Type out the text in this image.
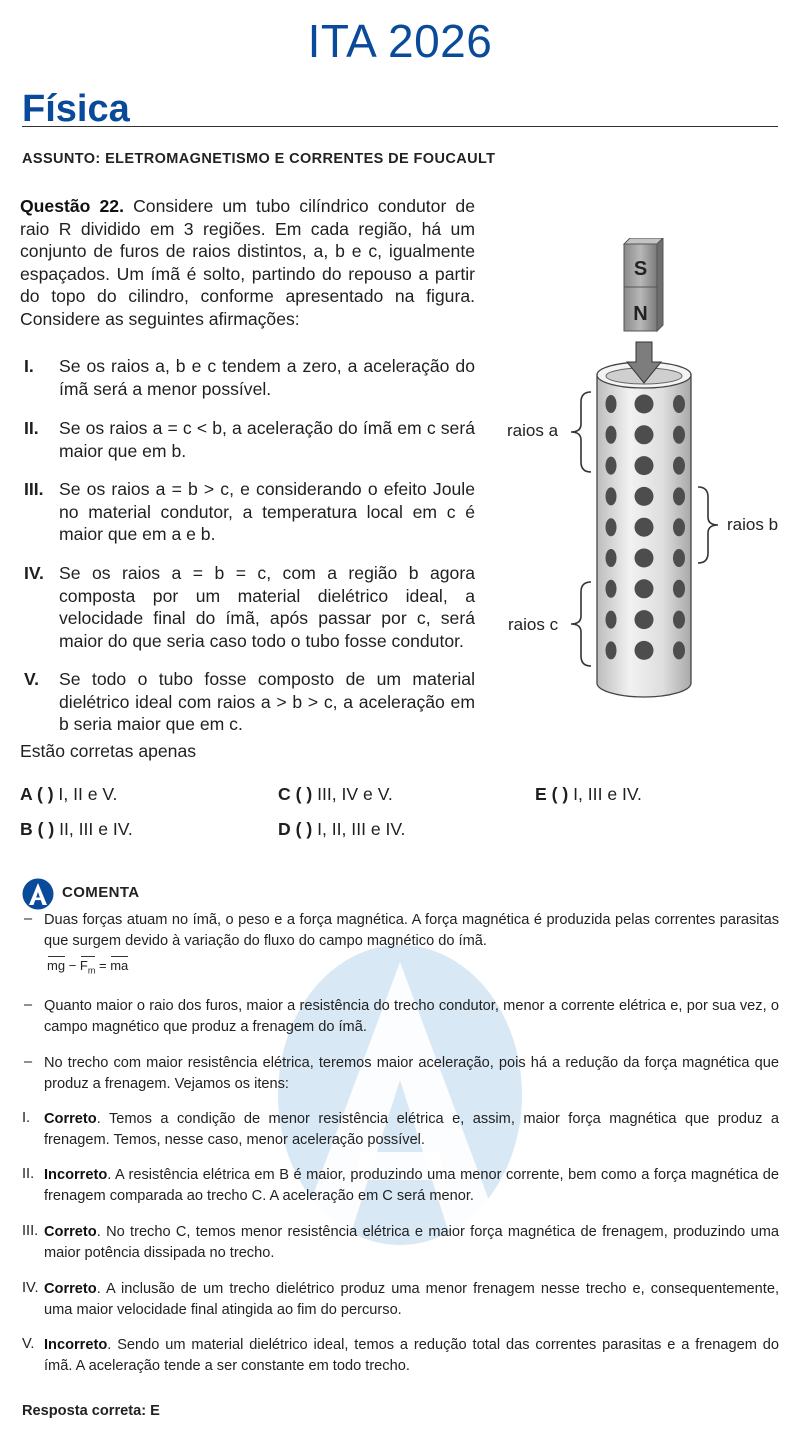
ITA 2026
Física
ASSUNTO: ELETROMAGNETISMO E CORRENTES DE FOUCAULT
Questão 22. Considere um tubo cilíndrico condutor de raio R dividido em 3 regiões. Em cada região, há um conjunto de furos de raios distintos, a, b e c, igualmente espaçados. Um ímã é solto, partindo do repouso a partir do topo do cilindro, conforme apresentado na figura. Considere as seguintes afirmações:
I. Se os raios a, b e c tendem a zero, a aceleração do ímã será a menor possível.
II. Se os raios a = c < b, a aceleração do ímã em c será maior que em b.
III. Se os raios a = b > c, e considerando o efeito Joule no material condutor, a temperatura local em c é maior que em a e b.
IV. Se os raios a = b = c, com a região b agora composta por um material dielétrico ideal, a velocidade final do ímã, após passar por c, será maior do que seria caso todo o tubo fosse condutor.
V. Se todo o tubo fosse composto de um material dielétrico ideal com raios a > b > c, a aceleração em b seria maior que em c.
Estão corretas apenas
A ( ) I, II e V.
B ( ) II, III e IV.
C ( ) III, IV e V.
D ( ) I, II, III e IV.
E ( ) I, III e IV.
S
N
raios a
raios b
raios c
COMENTA
– Duas forças atuam no ímã, o peso e a força magnética. A força magnética é produzida pelas correntes parasitas que surgem devido à variação do fluxo do campo magnético do ímã.
mg − $F_m$ = ma
– Quanto maior o raio dos furos, maior a resistência do trecho condutor, menor a corrente elétrica e, por sua vez, o campo magnético que produz a frenagem do ímã.
– No trecho com maior resistência elétrica, teremos maior aceleração, pois há a redução da força magnética que produz a frenagem. Vejamos os itens:
I. Correto. Temos a condição de menor resistência elétrica e, assim, maior força magnética que produz a frenagem. Temos, nesse caso, menor aceleração possível.
II. Incorreto. A resistência elétrica em B é maior, produzindo uma menor corrente, bem como a força magnética de frenagem comparada ao trecho C. A aceleração em C será menor.
III. Correto. No trecho C, temos menor resistência elétrica e maior força magnética de frenagem, produzindo uma maior potência dissipada no trecho.
IV. Correto. A inclusão de um trecho dielétrico produz uma menor frenagem nesse trecho e, consequentemente, uma maior velocidade final atingida ao fim do percurso.
V. Incorreto. Sendo um material dielétrico ideal, temos a redução total das correntes parasitas e a frenagem do ímã. A aceleração tende a ser constante em todo trecho.
Resposta correta: E
